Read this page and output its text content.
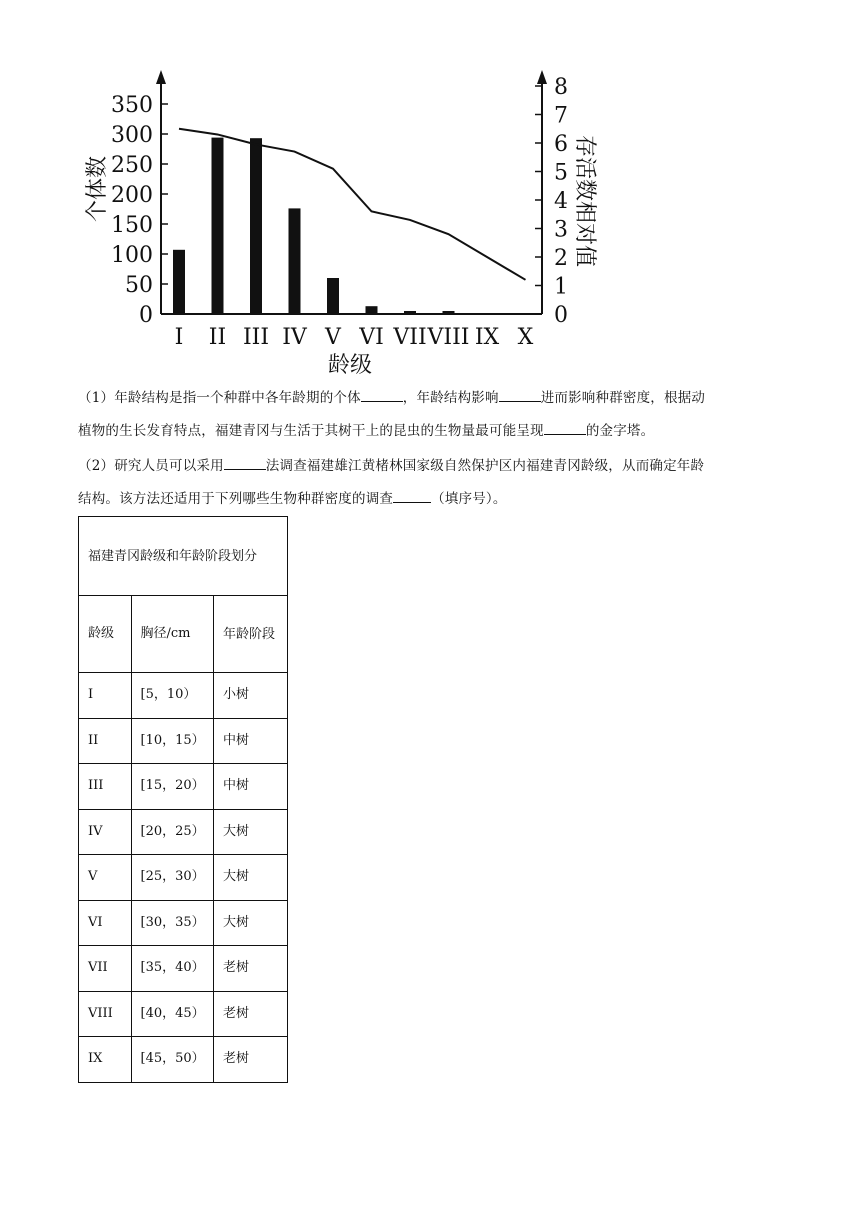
0
50
100
150
200
250
300
350
0
1
2
3
4
5
6
7
8
I II III IV V VI VII VIII IX X
龄级
个体数	存活数相对值
（1）年龄结构是指一个种群中各年龄期的个体	，年龄结构影响	进而影响种群密度，根据动
植物的生长发育特点，福建青冈与生活于其树干上的昆虫的生物量最可能呈现	的金字塔。
（2）研究人员可以采用	法调查福建雄江黄楮林国家级自然保护区内福建青冈龄级，从而确定年龄
结构。该方法还适用于下列哪些生物种群密度的调查	（填序号）。
福建青冈龄级和年龄阶段划分		
龄级	胸径/cm	年龄阶段
I	[5，10）	小树
II	[10，15）	中树
III	[15，20）	中树
IV	[20，25）	大树
V	[25，30）	大树
VI	[30，35）	大树
VII	[35，40）	老树
VIII	[40，45）	老树
IX	[45，50）	老树
